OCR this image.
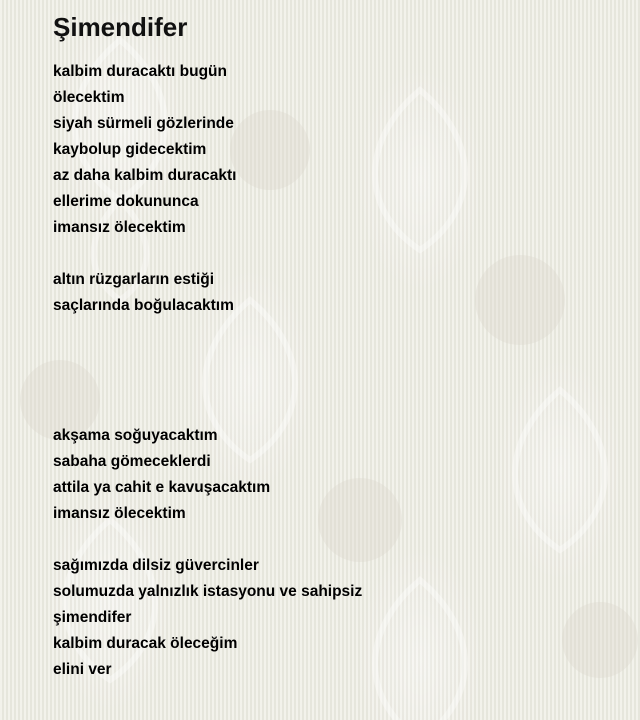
Şimendifer
kalbim duracaktı bugün
ölecektim
siyah sürmeli gözlerinde
kaybolup gidecektim
az daha kalbim duracaktı
ellerime dokununca
imansız ölecektim
altın rüzgarların estiği
saçlarında boğulacaktım
akşama soğuyacaktım
sabaha gömeceklerdi
attila ya cahit e kavuşacaktım
imansız ölecektim
sağımızda dilsiz güvercinler
solumuzda yalnızlık istasyonu ve sahipsiz
şimendifer
kalbim duracak öleceğim
elini ver
